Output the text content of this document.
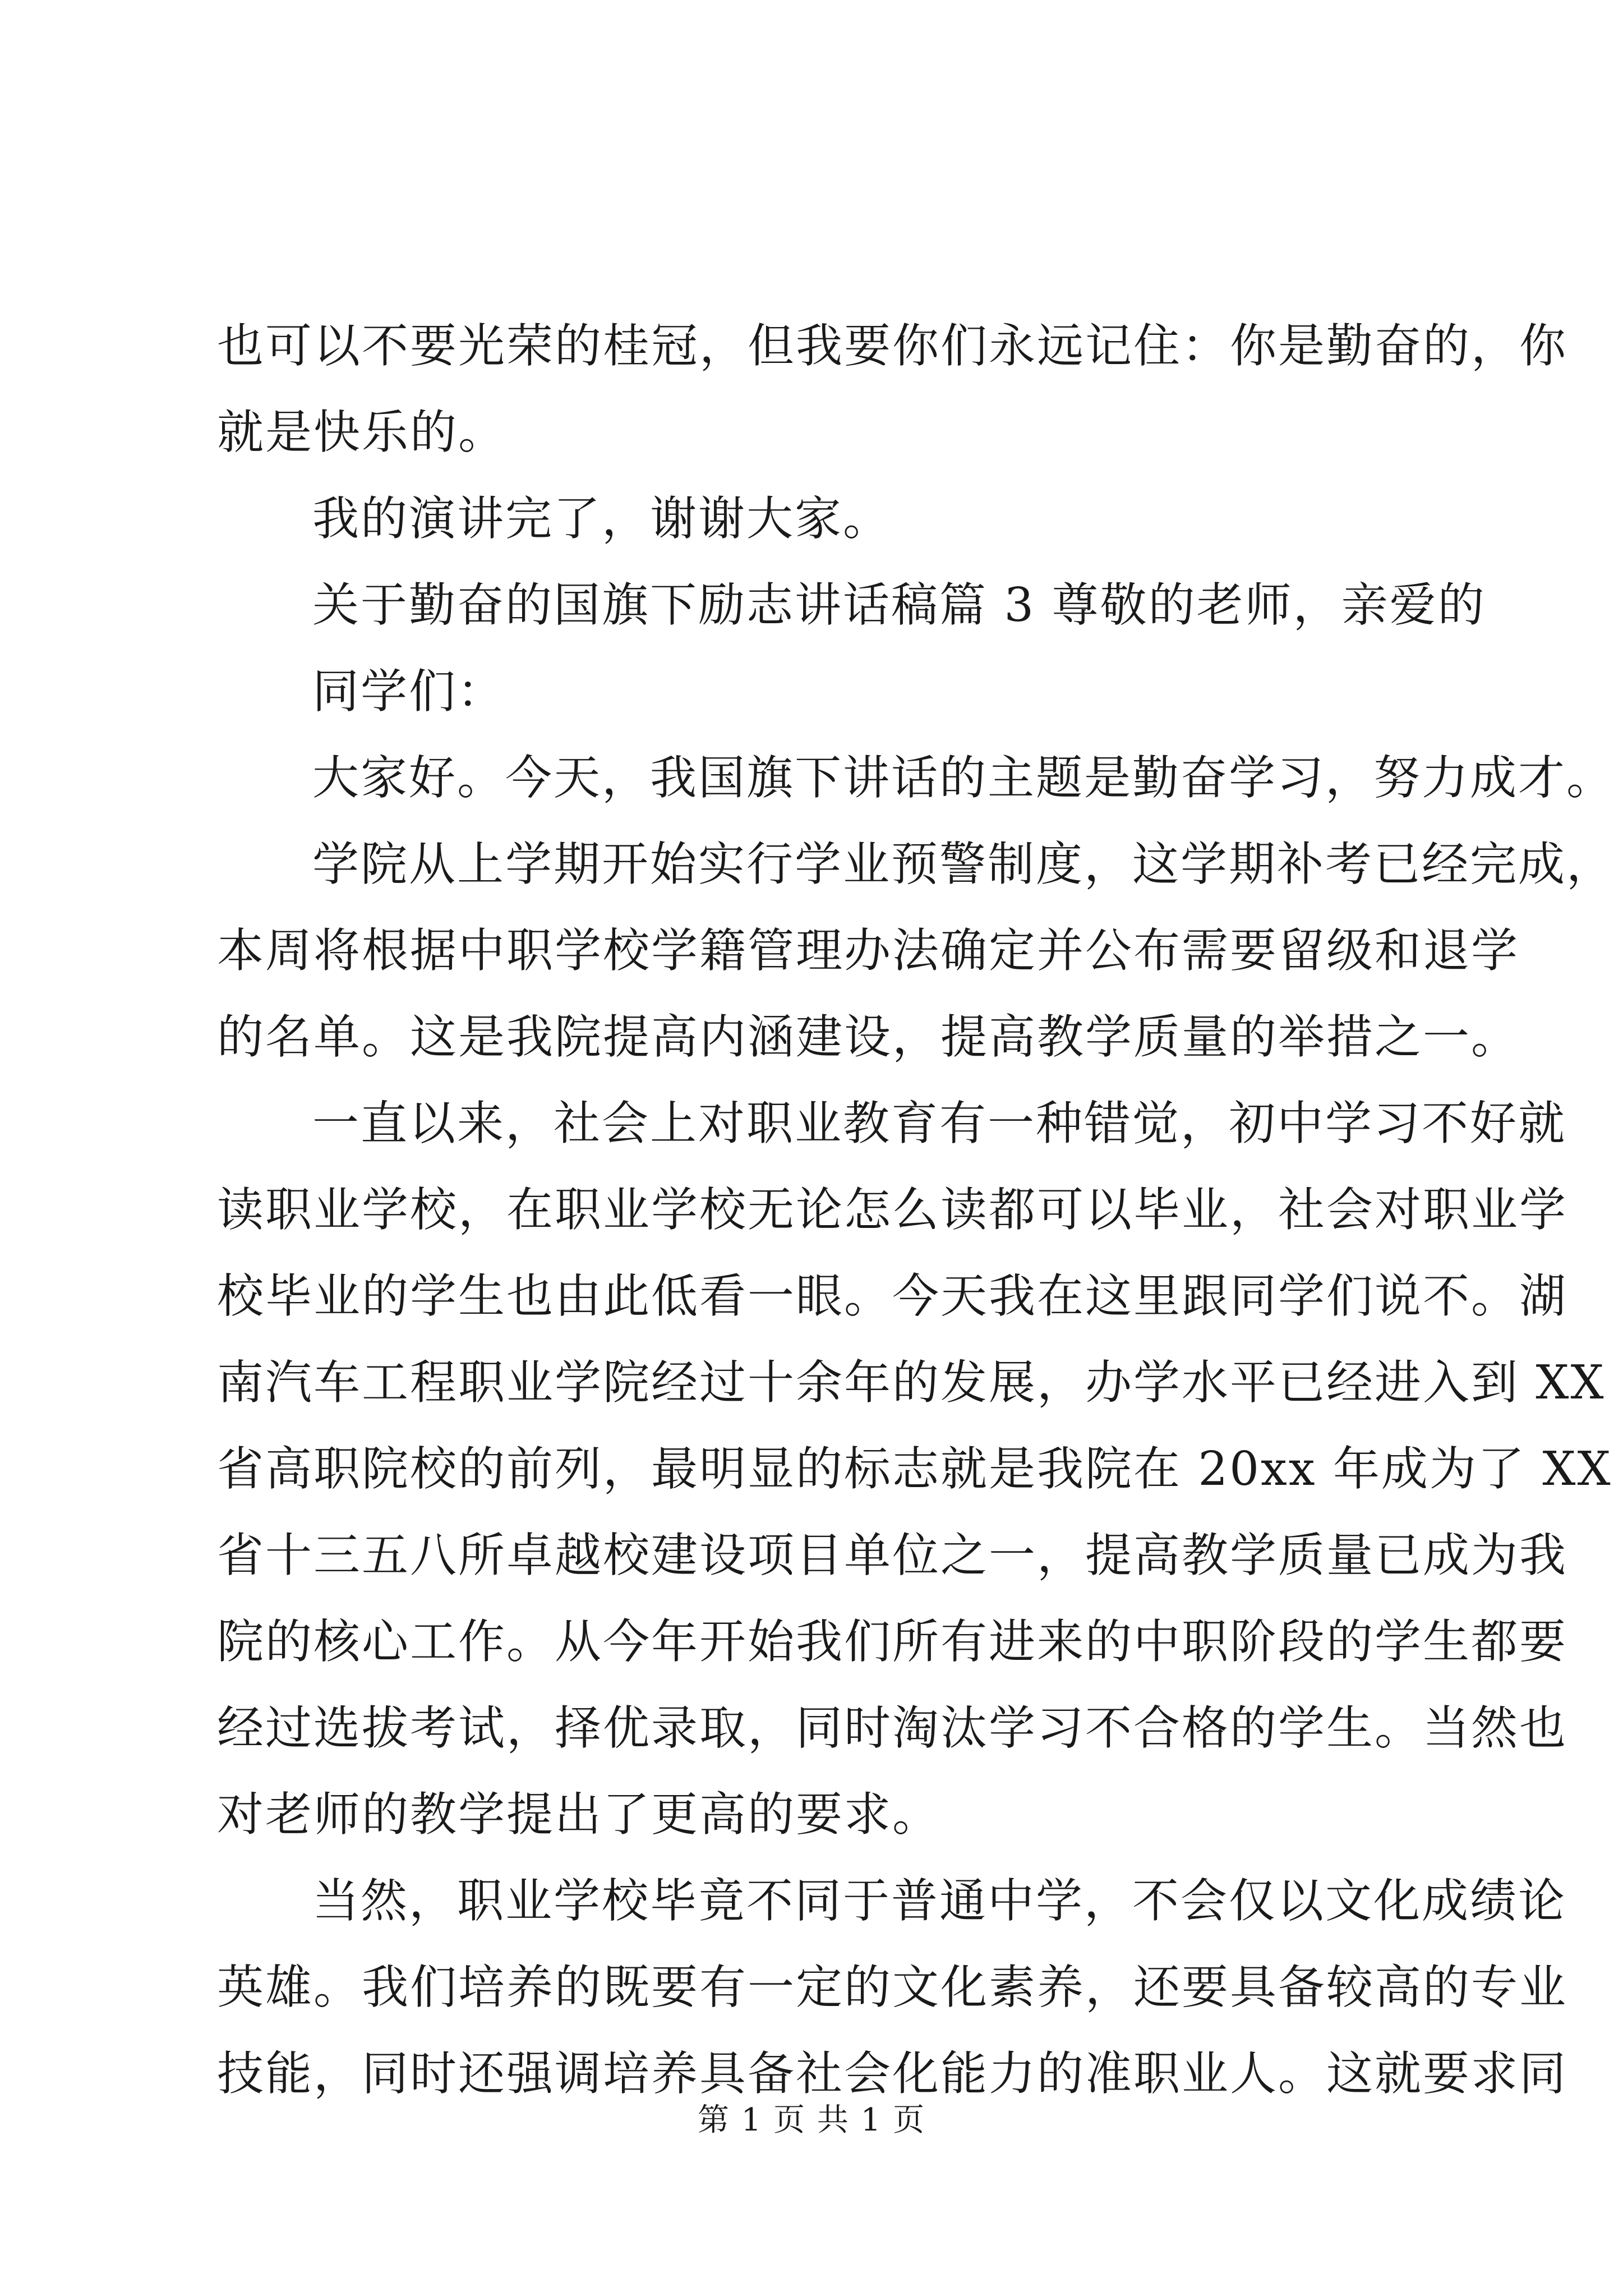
也可以不要光荣的桂冠，但我要你们永远记住：你是勤奋的，你
就是快乐的。
我的演讲完了，谢谢大家。
关于勤奋的国旗下励志讲话稿篇 3 尊敬的老师，亲爱的
同学们：
大家好。今天，我国旗下讲话的主题是勤奋学习，努力成才。
学院从上学期开始实行学业预警制度，这学期补考已经完成，
本周将根据中职学校学籍管理办法确定并公布需要留级和退学
的名单。这是我院提高内涵建设，提高教学质量的举措之一。
一直以来，社会上对职业教育有一种错觉，初中学习不好就
读职业学校，在职业学校无论怎么读都可以毕业，社会对职业学
校毕业的学生也由此低看一眼。今天我在这里跟同学们说不。湖
南汽车工程职业学院经过十余年的发展，办学水平已经进入到 XX
省高职院校的前列，最明显的标志就是我院在 20xx 年成为了 XX
省十三五八所卓越校建设项目单位之一，提高教学质量已成为我
院的核心工作。从今年开始我们所有进来的中职阶段的学生都要
经过选拔考试，择优录取，同时淘汰学习不合格的学生。当然也
对老师的教学提出了更高的要求。
当然，职业学校毕竟不同于普通中学，不会仅以文化成绩论
英雄。我们培养的既要有一定的文化素养，还要具备较高的专业
技能，同时还强调培养具备社会化能力的准职业人。这就要求同
第 1 页 共 1 页
